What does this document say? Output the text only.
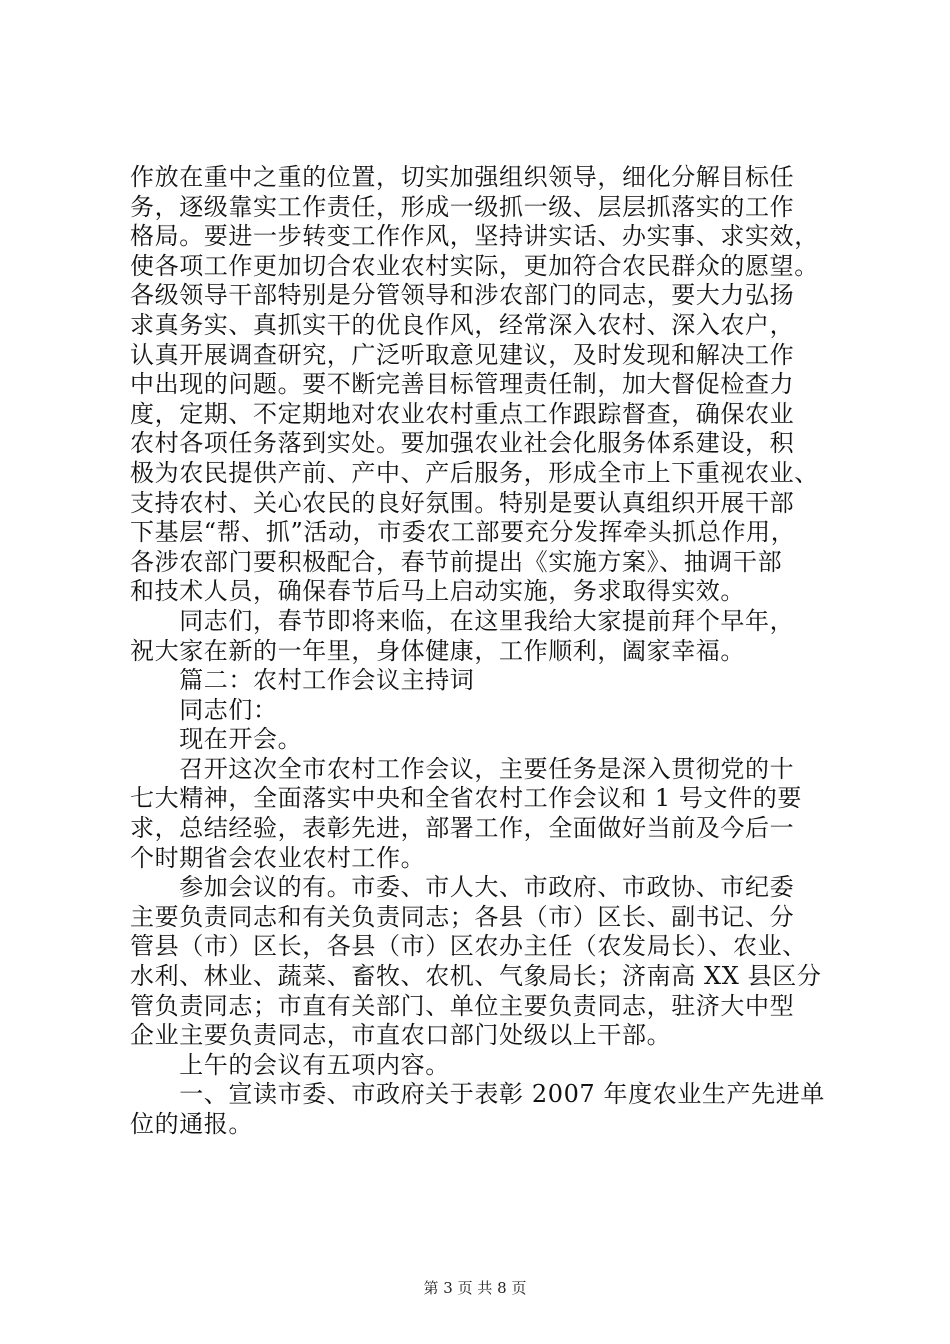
作放在重中之重的位置，切实加强组织领导，细化分解目标任
务，逐级靠实工作责任，形成一级抓一级、层层抓落实的工作
格局。要进一步转变工作作风，坚持讲实话、办实事、求实效，
使各项工作更加切合农业农村实际，更加符合农民群众的愿望。
各级领导干部特别是分管领导和涉农部门的同志，要大力弘扬
求真务实、真抓实干的优良作风，经常深入农村、深入农户，
认真开展调查研究，广泛听取意见建议，及时发现和解决工作
中出现的问题。要不断完善目标管理责任制，加大督促检查力
度，定期、不定期地对农业农村重点工作跟踪督查，确保农业
农村各项任务落到实处。要加强农业社会化服务体系建设，积
极为农民提供产前、产中、产后服务，形成全市上下重视农业、
支持农村、关心农民的良好氛围。特别是要认真组织开展干部
下基层“帮、抓”活动，市委农工部要充分发挥牵头抓总作用，
各涉农部门要积极配合，春节前提出《实施方案》、抽调干部
和技术人员，确保春节后马上启动实施，务求取得实效。
　　同志们，春节即将来临，在这里我给大家提前拜个早年，
祝大家在新的一年里，身体健康，工作顺利，阖家幸福。
　　篇二：农村工作会议主持词
　　同志们：
　　现在开会。
　　召开这次全市农村工作会议，主要任务是深入贯彻党的十
七大精神，全面落实中央和全省农村工作会议和 1 号文件的要
求，总结经验，表彰先进，部署工作，全面做好当前及今后一
个时期省会农业农村工作。
　　参加会议的有。市委、市人大、市政府、市政协、市纪委
主要负责同志和有关负责同志；各县（市）区长、副书记、分
管县（市）区长，各县（市）区农办主任（农发局长）、农业、
水利、林业、蔬菜、畜牧、农机、气象局长；济南高 XX 县区分
管负责同志；市直有关部门、单位主要负责同志，驻济大中型
企业主要负责同志，市直农口部门处级以上干部。
　　上午的会议有五项内容。
　　一、宣读市委、市政府关于表彰 2007 年度农业生产先进单
位的通报。
第 3 页 共 8 页
